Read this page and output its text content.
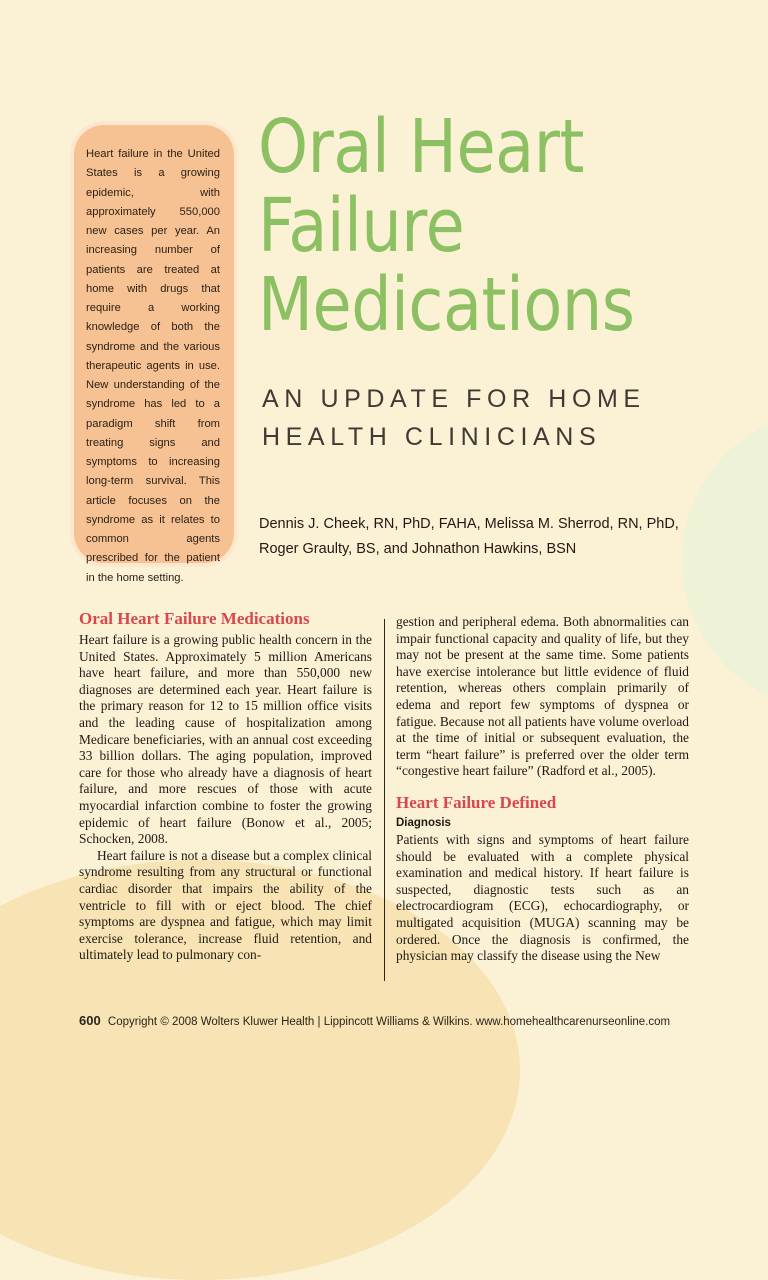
Heart failure in the United States is a growing epidemic, with approximately 550,000 new cases per year. An increasing number of patients are treated at home with drugs that require a working knowledge of both the syndrome and the various therapeutic agents in use. New understanding of the syndrome has led to a paradigm shift from treating signs and symptoms to increasing long-term survival. This article focuses on the syndrome as it relates to common agents prescribed for the patient in the home setting.
Oral Heart
Failure
Medications
AN UPDATE FOR HOME
HEALTH CLINICIANS
Dennis J. Cheek, RN, PhD, FAHA, Melissa M. Sherrod, RN, PhD,
Roger Graulty, BS, and Johnathon Hawkins, BSN
Oral Heart Failure Medications

Heart failure is a growing public health concern in the United States. Approximately 5 million Americans have heart failure, and more than 550,000 new diagnoses are determined each year. Heart failure is the primary reason for 12 to 15 million office visits and the leading cause of hospitalization among Medicare beneficiaries, with an annual cost exceeding 33 billion dollars. The aging population, improved care for those who already have a diagnosis of heart failure, and more rescues of those with acute myocardial infarction combine to foster the growing epidemic of heart failure (Bonow et al., 2005; Schocken, 2008.

Heart failure is not a disease but a complex clinical syndrome resulting from any structural or functional cardiac disorder that impairs the ability of the ventricle to fill with or eject blood. The chief symptoms are dyspnea and fatigue, which may limit exercise tolerance, increase fluid retention, and ultimately lead to pulmonary con-

gestion and peripheral edema. Both abnormalities can impair functional capacity and quality of life, but they may not be present at the same time. Some patients have exercise intolerance but little evidence of fluid retention, whereas others complain primarily of edema and report few symptoms of dyspnea or fatigue. Because not all patients have volume overload at the time of initial or subsequent evaluation, the term “heart failure” is preferred over the older term “congestive heart failure” (Radford et al., 2005).

Heart Failure Defined
Diagnosis

Patients with signs and symptoms of heart failure should be evaluated with a complete physical examination and medical history. If heart failure is suspected, diagnostic tests such as an electrocardiogram (ECG), echocardiography, or multigated acquisition (MUGA) scanning may be ordered. Once the diagnosis is confirmed, the physician may classify the disease using the New

600 Copyright © 2008 Wolters Kluwer Health | Lippincott Williams & Wilkins. www.homehealthcarenurseonline.com
